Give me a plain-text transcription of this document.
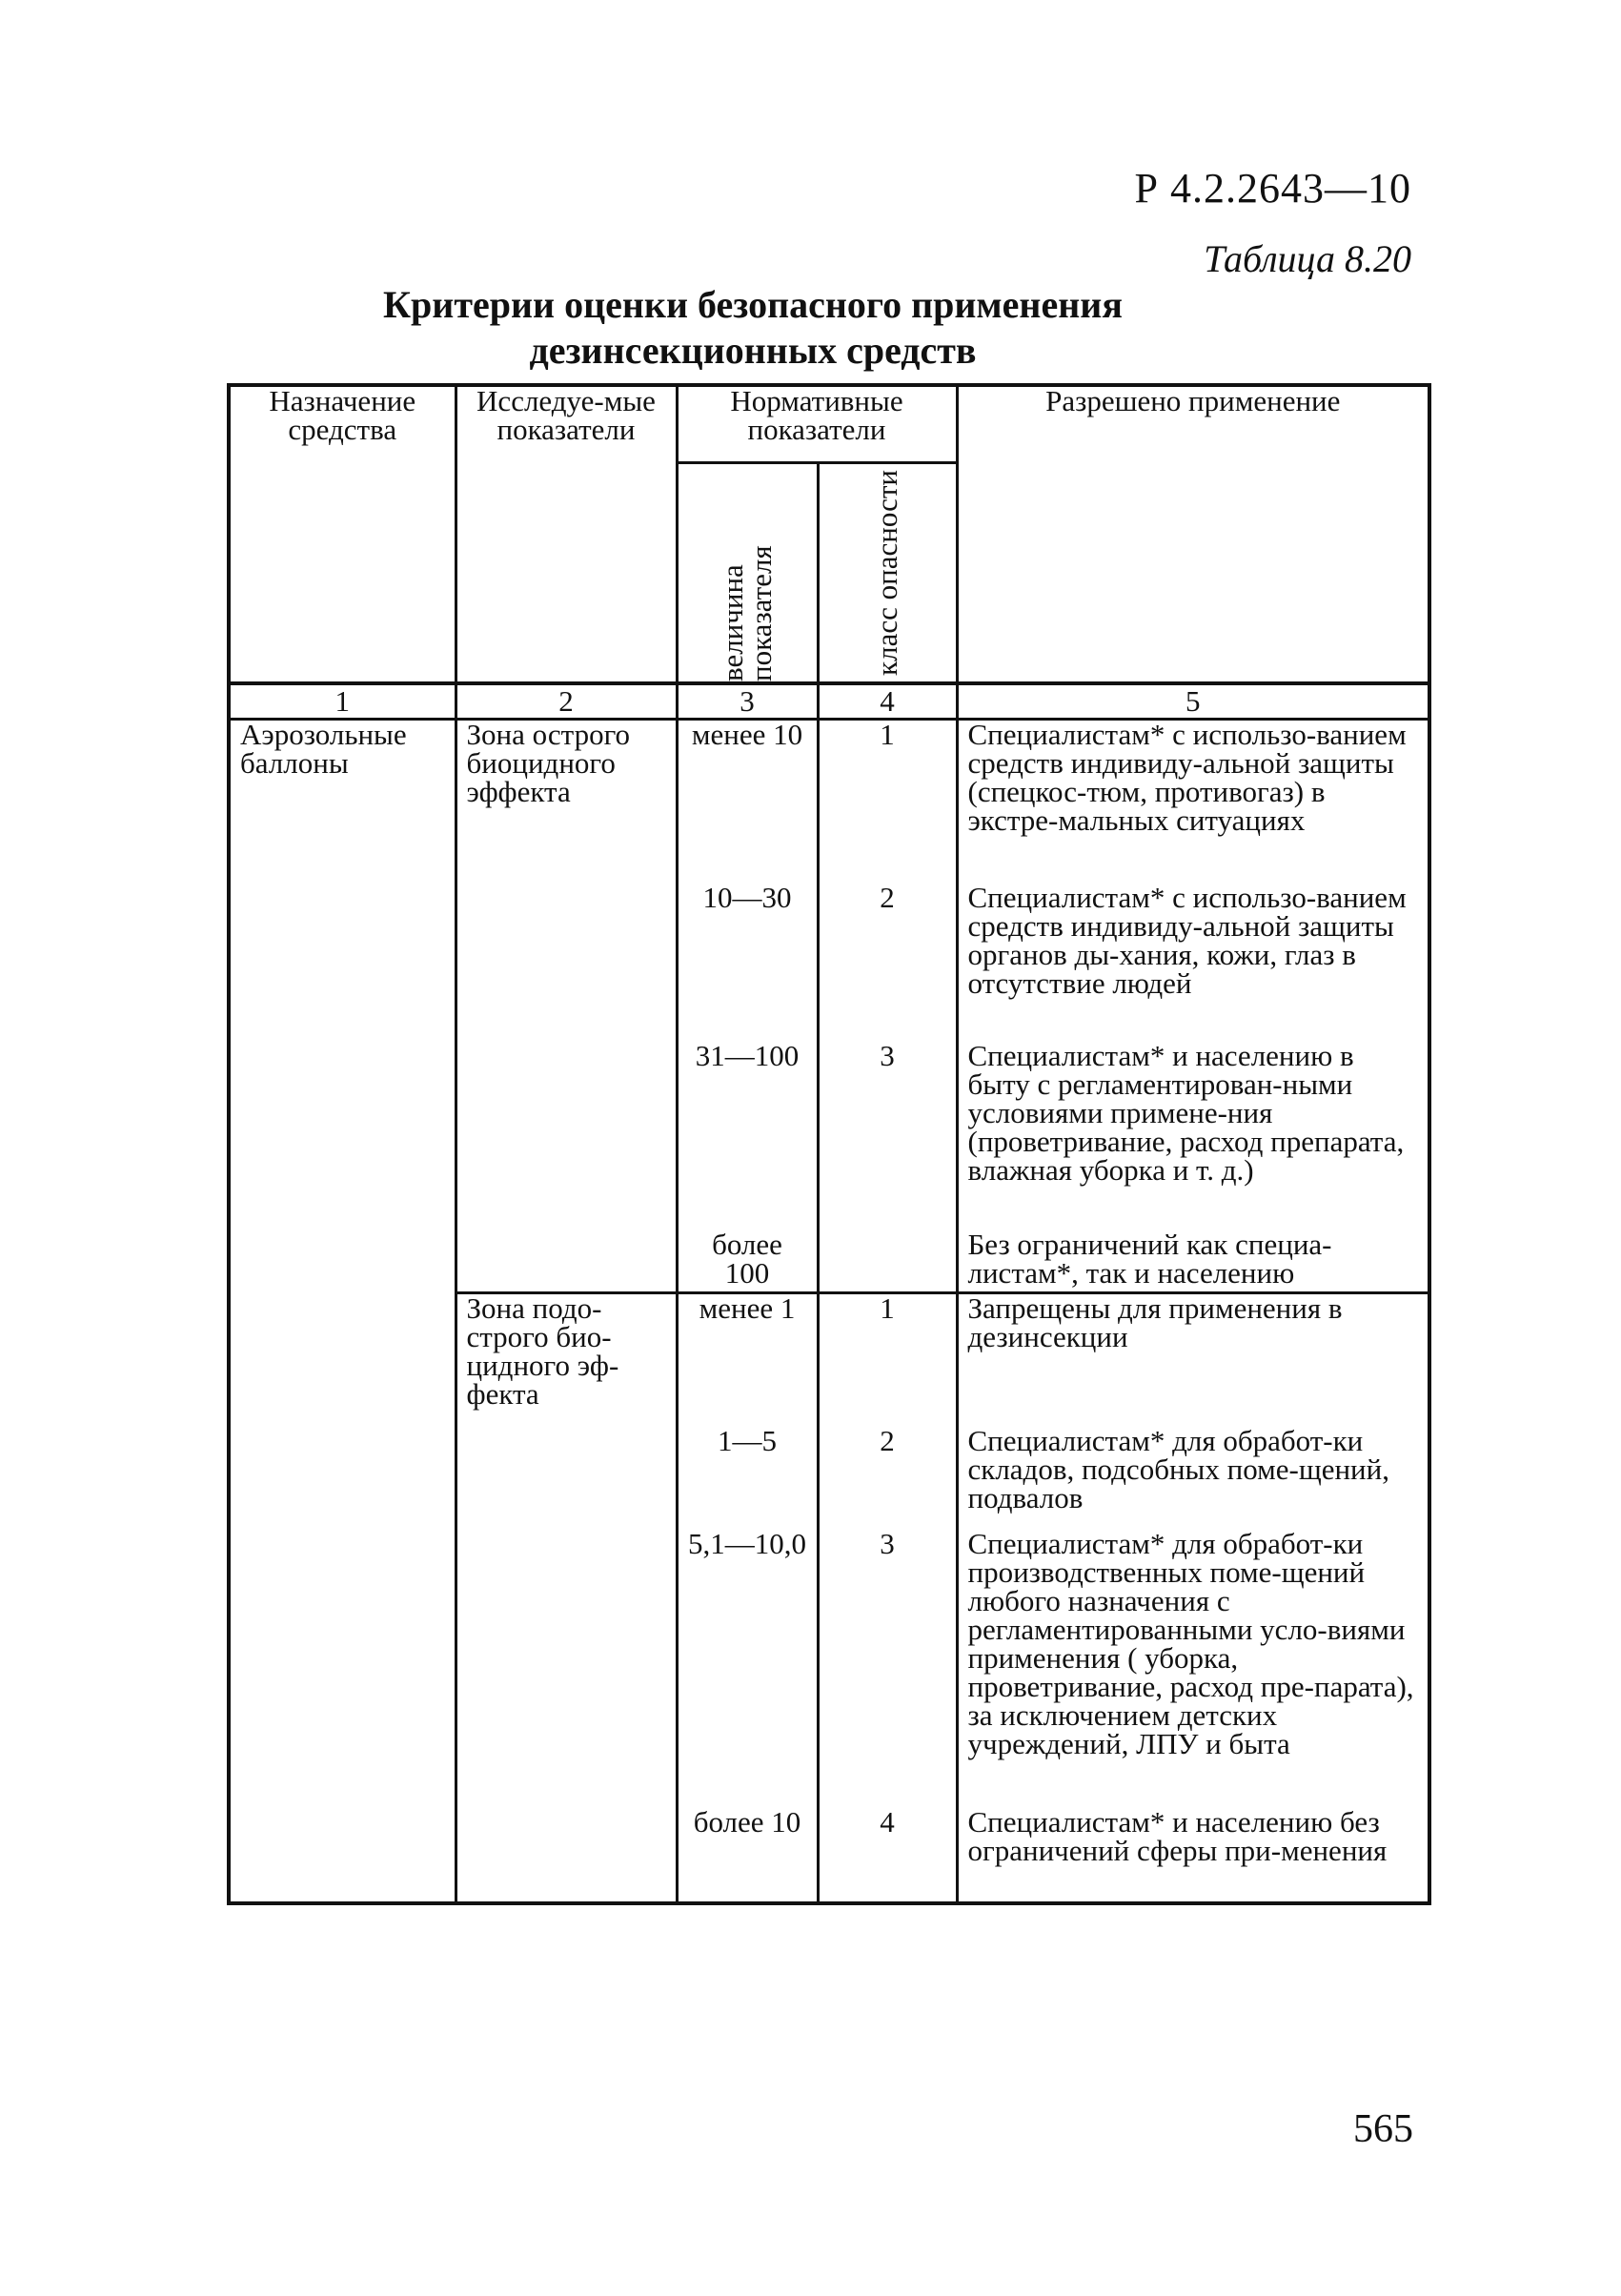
Р 4.2.2643—10
Таблица 8.20
Критерии оценки безопасного применения
дезинсекционных средств
Назначение средства	Исследуе-мые показатели	Нормативные показатели		Разрешено применение

		величина показателя	класс опасности	

1	2	3	4	5
Аэрозольные баллоны	Зона острого биоцидного эффекта	менее 10	1	Специалистам* с использо-ванием средств индивиду-альной защиты (спецкос-тюм, противогаз) в экстре-мальных ситуациях
		10—30	2	Специалистам* с использо-ванием средств индивиду-альной защиты органов ды-хания, кожи, глаз в отсутствие людей
		31—100	3	Специалистам* и населению в быту с регламентирован-ными условиями примене-ния (проветривание, расход препарата, влажная уборка и т. д.)
		более 100		Без ограничений как специа-листам*, так и населению
	Зона подо-строго био-цидного эф-фекта	менее 1	1	Запрещены для применения в дезинсекции
		1—5	2	Специалистам* для обработ-ки складов, подсобных поме-щений, подвалов
		5,1—10,0	3	Специалистам* для обработ-ки производственных поме-щений любого назначения с регламентированными усло-виями применения ( уборка, проветривание, расход пре-парата), за исключением детских учреждений, ЛПУ и быта
		более 10	4	Специалистам* и населению без ограничений сферы при-менения
565
